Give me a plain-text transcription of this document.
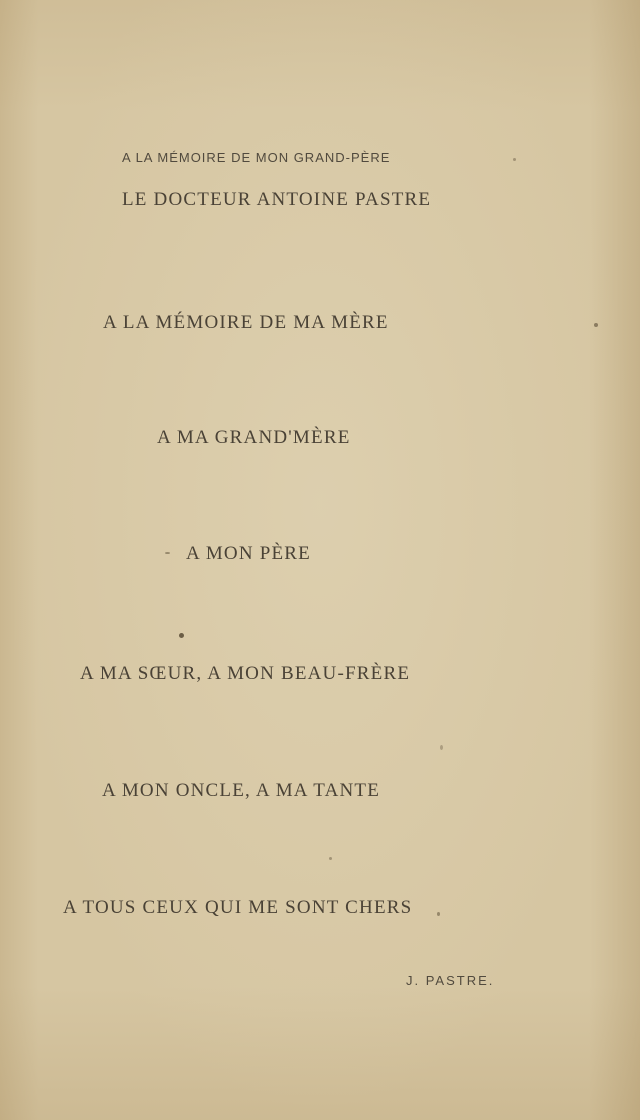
A LA MÉMOIRE DE MON GRAND-PÈRE
LE DOCTEUR ANTOINE PASTRE
A LA MÉMOIRE DE MA MÈRE
A MA GRAND'MÈRE
A MON PÈRE
A MA SŒUR, A MON BEAU-FRÈRE
A MON ONCLE, A MA TANTE
A TOUS CEUX QUI ME SONT CHERS
J. PASTRE.
